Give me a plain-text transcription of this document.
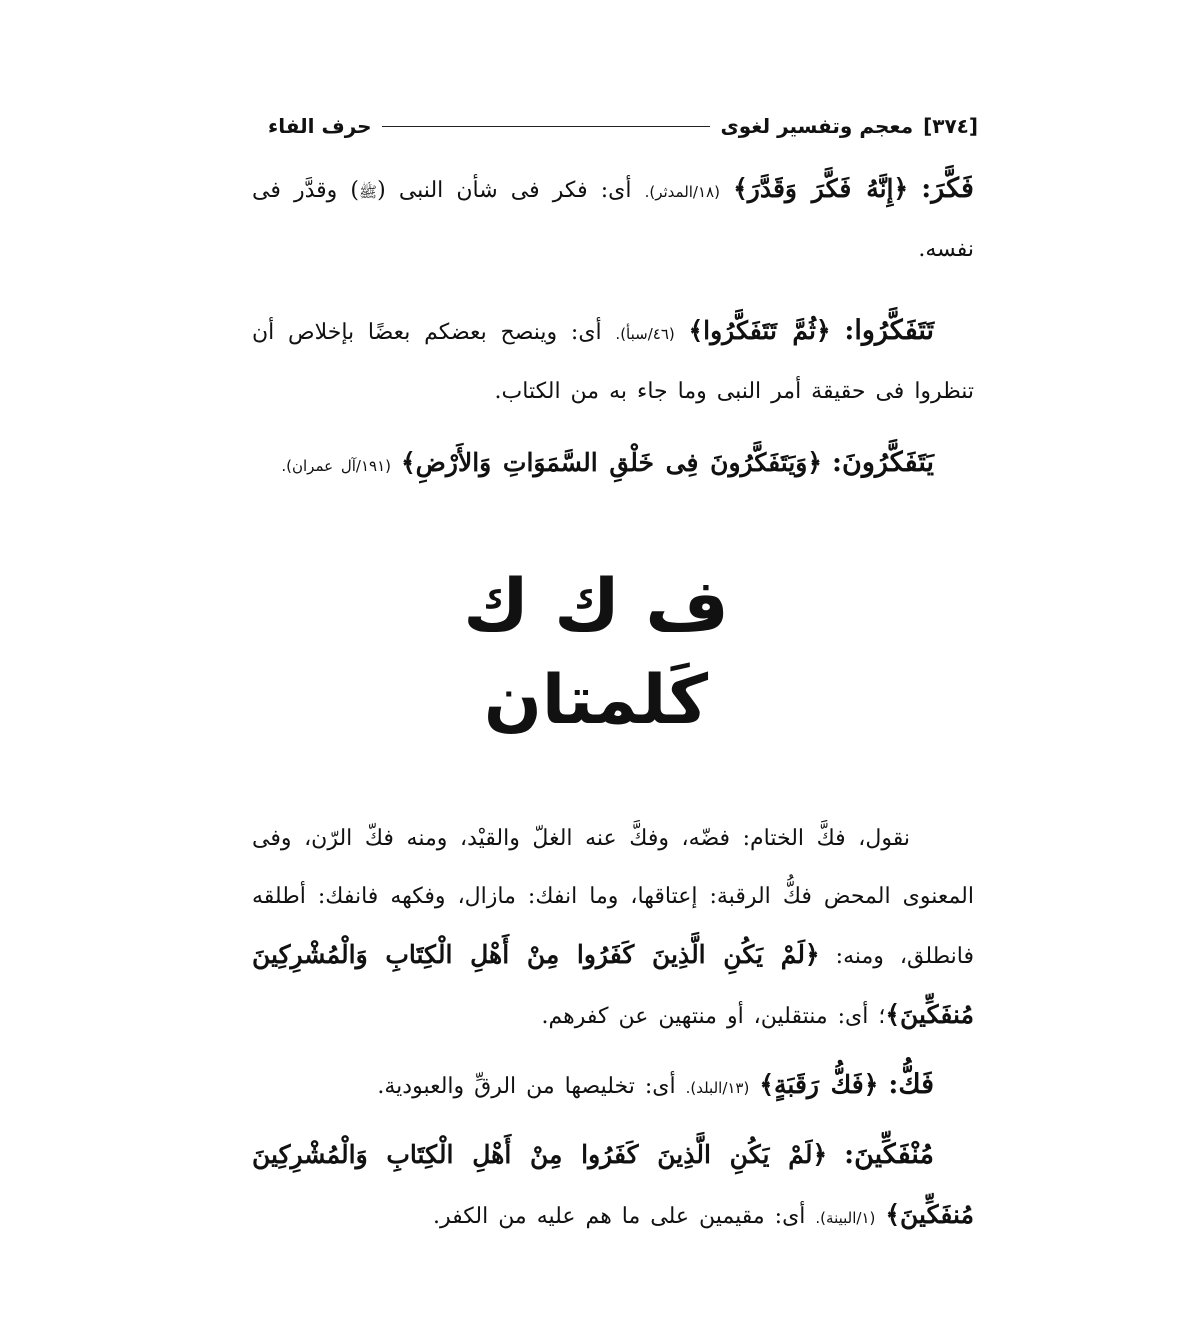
[٣٧٤]
معجم وتفسير لغوى
حرف الفاء

فَكَّرَ: ﴿إِنَّهُ فَكَّرَ وَقَدَّرَ﴾ (١٨/المدثر). أى: فكر فى شأن النبى (ﷺ) وقدَّر فى نفسه.

تَتَفَكَّرُوا: ﴿ثُمَّ تَتَفَكَّرُوا﴾ (٤٦/سبأ). أى: وينصح بعضكم بعضًا بإخلاص أن تنظروا فى حقيقة أمر النبى وما جاء به من الكتاب.

يَتَفَكَّرُونَ: ﴿وَيَتَفَكَّرُونَ فِى خَلْقِ السَّمَوَاتِ وَالأَرْضِ﴾ (١٩١/آل عمران).

ف ك ك
كَلمتان

نقول، فكَّ الختام: فضّه، وفكَّ عنه الغلّ والقيْد، ومنه فكّ الرّن، وفى المعنوى المحض فكُّ الرقبة: إعتاقها، وما انفك: مازال، وفكهه فانفك: أطلقه فانطلق، ومنه: ﴿لَمْ يَكُنِ الَّذِينَ كَفَرُوا مِنْ أَهْلِ الْكِتَابِ وَالْمُشْرِكِينَ مُنفَكِّينَ﴾؛ أى: منتقلين، أو منتهين عن كفرهم.

فَكُّ: ﴿فَكُّ رَقَبَةٍ﴾ (١٣/البلد). أى: تخليصها من الرقِّ والعبودية.

مُنْفَكِّينَ: ﴿لَمْ يَكُنِ الَّذِينَ كَفَرُوا مِنْ أَهْلِ الْكِتَابِ وَالْمُشْرِكِينَ مُنفَكِّينَ﴾ (١/البينة). أى: مقيمين على ما هم عليه من الكفر.
